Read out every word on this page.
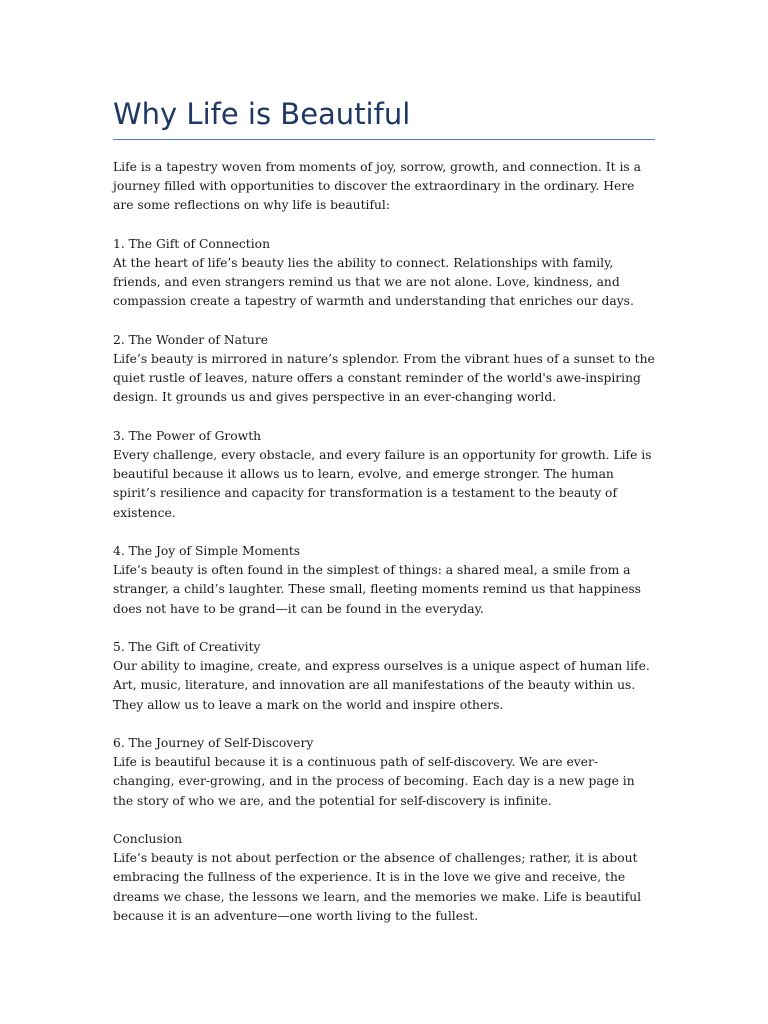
Why Life is Beautiful

Life is a tapestry woven from moments of joy, sorrow, growth, and connection. It is a journey filled with opportunities to discover the extraordinary in the ordinary. Here are some reflections on why life is beautiful:

1. The Gift of Connection
At the heart of life’s beauty lies the ability to connect. Relationships with family, friends, and even strangers remind us that we are not alone. Love, kindness, and compassion create a tapestry of warmth and understanding that enriches our days.
2. The Wonder of Nature
Life’s beauty is mirrored in nature’s splendor. From the vibrant hues of a sunset to the quiet rustle of leaves, nature offers a constant reminder of the world's awe-inspiring design. It grounds us and gives perspective in an ever-changing world.
3. The Power of Growth
Every challenge, every obstacle, and every failure is an opportunity for growth. Life is beautiful because it allows us to learn, evolve, and emerge stronger. The human spirit’s resilience and capacity for transformation is a testament to the beauty of existence.
4. The Joy of Simple Moments
Life’s beauty is often found in the simplest of things: a shared meal, a smile from a stranger, a child’s laughter. These small, fleeting moments remind us that happiness does not have to be grand—it can be found in the everyday.
5. The Gift of Creativity
Our ability to imagine, create, and express ourselves is a unique aspect of human life. Art, music, literature, and innovation are all manifestations of the beauty within us. They allow us to leave a mark on the world and inspire others.
6. The Journey of Self-Discovery
Life is beautiful because it is a continuous path of self-discovery. We are ever-changing, ever-growing, and in the process of becoming. Each day is a new page in the story of who we are, and the potential for self-discovery is infinite.
Conclusion
Life’s beauty is not about perfection or the absence of challenges; rather, it is about embracing the fullness of the experience. It is in the love we give and receive, the dreams we chase, the lessons we learn, and the memories we make. Life is beautiful because it is an adventure—one worth living to the fullest.
